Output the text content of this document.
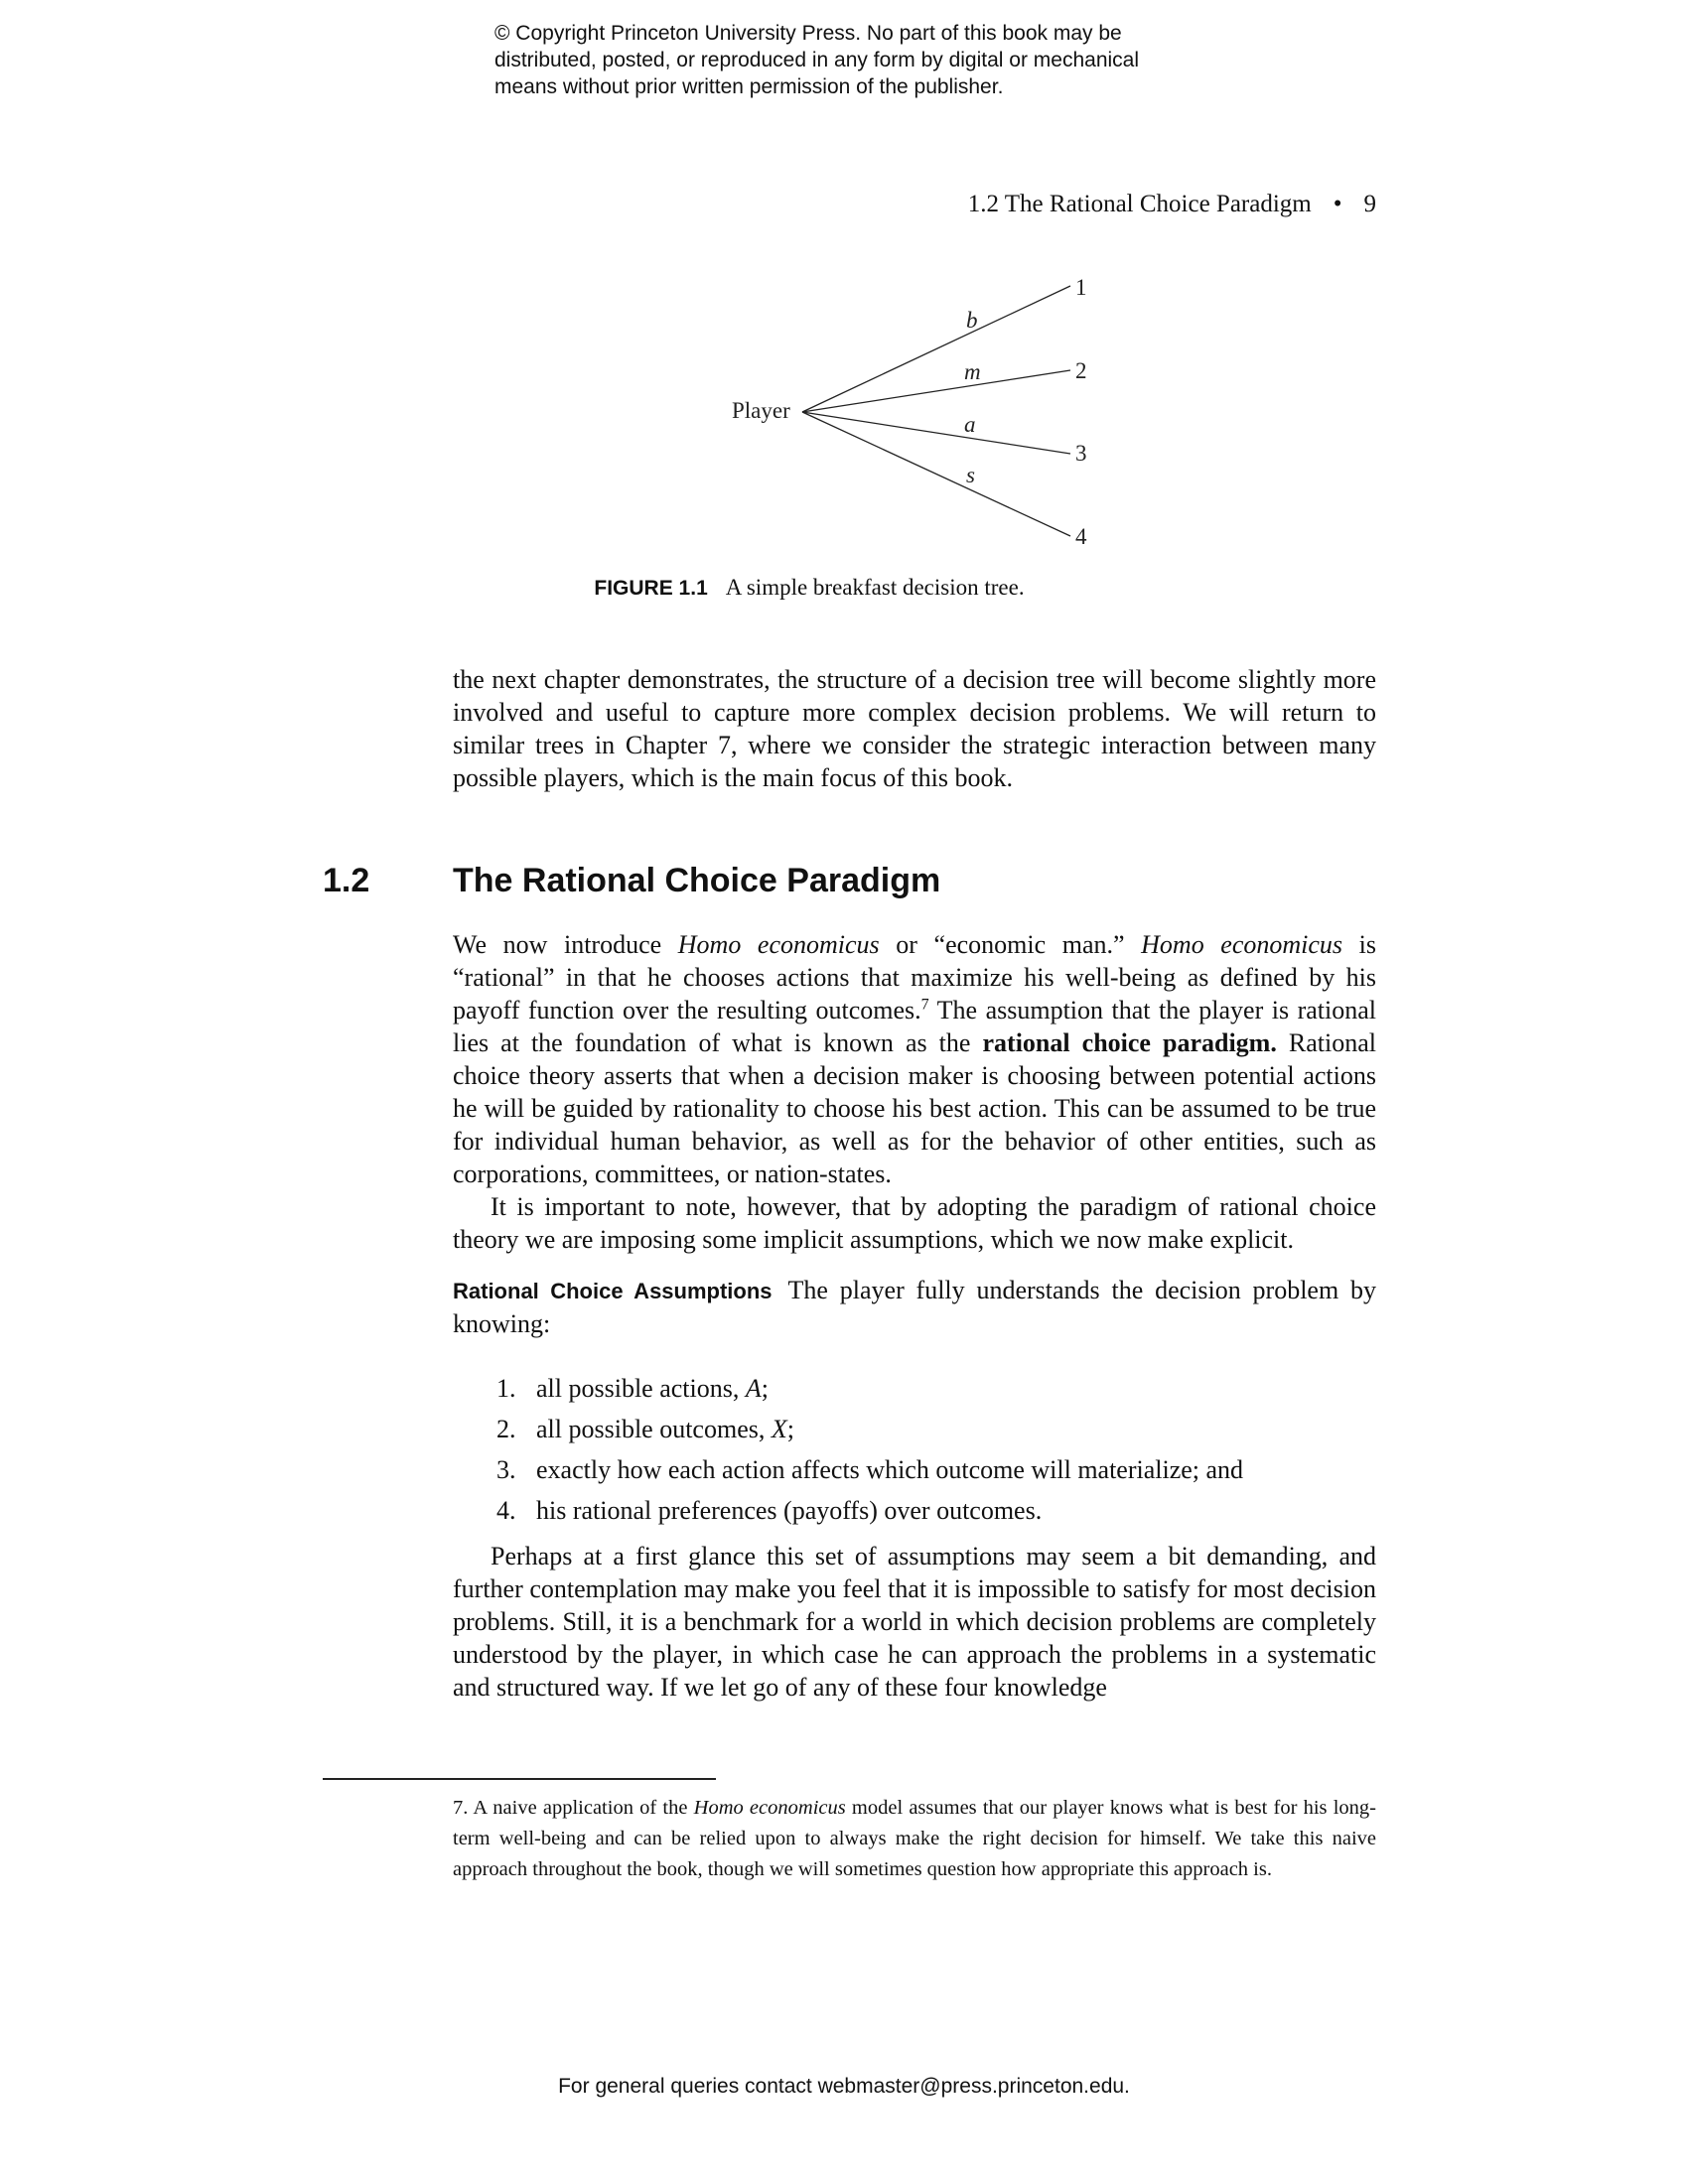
© Copyright Princeton University Press. No part of this book may be
distributed, posted, or reproduced in any form by digital or mechanical
means without prior written permission of the publisher.
1.2 The Rational Choice Paradigm • 9
Player
b
m
a
s
1
2
3
4
FIGURE 1.1 A simple breakfast decision tree.

the next chapter demonstrates, the structure of a decision tree will become slightly more involved and useful to capture more complex decision problems. We will return to similar trees in Chapter 7, where we consider the strategic interaction between many possible players, which is the main focus of this book.

1.2 The Rational Choice Paradigm

We now introduce Homo economicus or “economic man.” Homo economicus is “rational” in that he chooses actions that maximize his well-being as defined by his payoff function over the resulting outcomes.$^7$ The assumption that the player is rational lies at the foundation of what is known as the rational choice paradigm. Rational choice theory asserts that when a decision maker is choosing between potential actions he will be guided by rationality to choose his best action. This can be assumed to be true for individual human behavior, as well as for the behavior of other entities, such as corporations, committees, or nation-states.

It is important to note, however, that by adopting the paradigm of rational choice theory we are imposing some implicit assumptions, which we now make explicit.

Rational Choice Assumptions The player fully understands the decision problem by knowing:

1. all possible actions, A;
2. all possible outcomes, X;
3. exactly how each action affects which outcome will materialize; and
4. his rational preferences (payoffs) over outcomes.

Perhaps at a first glance this set of assumptions may seem a bit demanding, and further contemplation may make you feel that it is impossible to satisfy for most decision problems. Still, it is a benchmark for a world in which decision problems are completely understood by the player, in which case he can approach the problems in a systematic and structured way. If we let go of any of these four knowledge

7. A naive application of the Homo economicus model assumes that our player knows what is best for his long-term well-being and can be relied upon to always make the right decision for himself. We take this naive approach throughout the book, though we will sometimes question how appropriate this approach is.
For general queries contact webmaster@press.princeton.edu.
